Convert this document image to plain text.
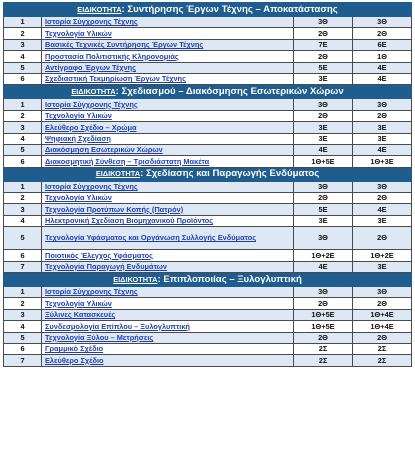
ΕΙΔΙΚΟΤΗΤΑ: Συντήρησης Έργων Τέχνης – Αποκατάστασης			
1	Ιστορία Σύγχρονης Τέχνης	3Θ	3Θ
2	Τεχνολογία Υλικών	2Θ	2Θ
3	Βασικές Τεχνικές Συντήρησης Έργων Τέχνης	7Ε	6Ε
4	Προστασία Πολιτιστικής Κληρονομιάς	2Θ	1Θ
5	Αντίγραφο Έργων Τέχνης	5Ε	4Ε
6	Σχεδιαστική Τεκμηρίωση Έργων Τέχνης	3Ε	4Ε
ΕΙΔΙΚΟΤΗΤΑ: Σχεδιασμού – Διακόσμησης Εσωτερικών Χώρων			
1	Ιστορία Σύγχρονης Τέχνης	3Θ	3Θ
2	Τεχνολογία Υλικών	2Θ	2Θ
3	Ελεύθερο Σχέδιο – Χρώμα	3Ε	3Ε
4	Ψηφιακή Σχεδίαση	3Ε	3Ε
5	Διακόσμηση Εσωτερικών Χώρων	4Ε	4Ε
6	Διακοσμητική Σύνθεση – Τρισδιάστατη Μακέτα	1Θ+5Ε	1Θ+3Ε
ΕΙΔΙΚΟΤΗΤΑ: Σχεδίασης και Παραγωγής Ενδύματος			
1	Ιστορία Σύγχρονης Τέχνης	3Θ	3Θ
2	Τεχνολογία Υλικών	2Θ	2Θ
3	Τεχνολογία Προτύπων Κοπής (Πατρόν)	5Ε	4Ε
4	Ηλεκτρονική Σχεδίαση Βιομηχανικού Προϊόντος	3Ε	3Ε
5	Τεχνολογία Υφάσματος και Οργάνωση Συλλογής Ενδύματος	3Θ	2Θ
6	Ποιοτικός Έλεγχος Υφάσματος	1Θ+2Ε	1Θ+2Ε
7	Τεχνολογία Παραγωγή Ενδυμάτων	4Ε	3Ε
ΕΙΔΙΚΟΤΗΤΑ: Επιπλοποιίας – Ξυλογλυπτική			
1	Ιστορία Σύγχρονης Τέχνης	3Θ	3Θ
2	Τεχνολογία Υλικών	2Θ	2Θ
3	Ξύλινες Κατασκευές	1Θ+5Ε	1Θ+4Ε
4	Συνδεσμολογία Επίπλου – Ξυλογλυπτική	1Θ+5Ε	1Θ+4Ε
5	Τεχνολογία Ξύλου – Μετρήσεις	2Θ	2Θ
6	Γραμμικό Σχέδιο	2Σ	2Σ
7	Ελεύθερο Σχέδιο	2Σ	2Σ
